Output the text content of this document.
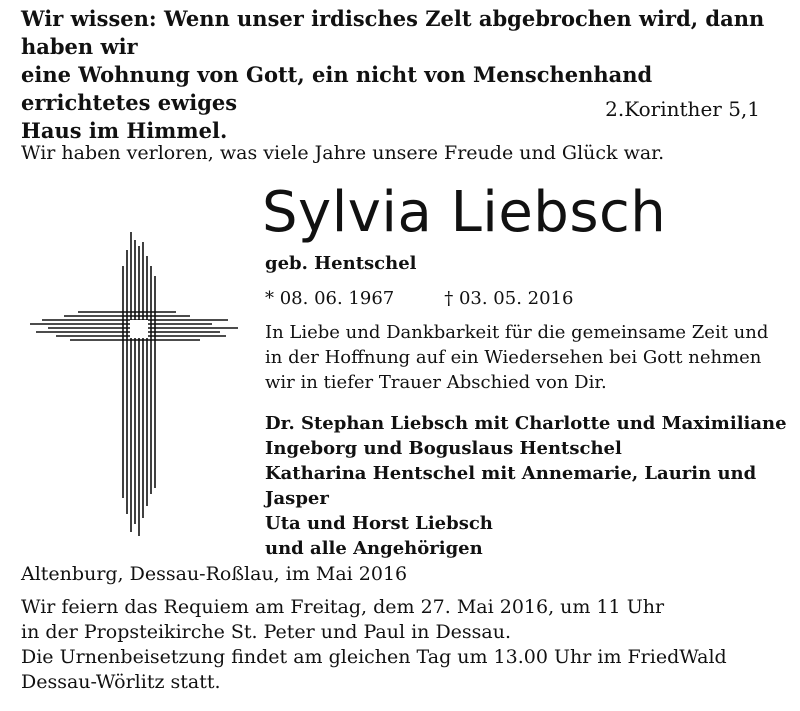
Wir wissen: Wenn unser irdisches Zelt abgebrochen wird, dann haben wir
eine Wohnung von Gott, ein nicht von Menschenhand errichtetes ewiges
Haus im Himmel.
2.Korinther 5,1
Wir haben verloren, was viele Jahre unsere Freude und Glück war.
Sylvia Liebsch
geb. Hentschel
* 08. 06. 1967	† 03. 05. 2016
In Liebe und Dankbarkeit für die gemeinsame Zeit und
in der Hoffnung auf ein Wiedersehen bei Gott nehmen
wir in tiefer Trauer Abschied von Dir.
Dr. Stephan Liebsch mit Charlotte und Maximiliane
Ingeborg und Boguslaus Hentschel
Katharina Hentschel mit Annemarie, Laurin und Jasper
Uta und Horst Liebsch
und alle Angehörigen
Altenburg, Dessau-Roßlau, im Mai 2016
Wir feiern das Requiem am Freitag, dem 27. Mai 2016, um 11 Uhr
in der Propsteikirche St. Peter und Paul in Dessau.
Die Urnenbeisetzung findet am gleichen Tag um 13.00 Uhr im FriedWald
Dessau-Wörlitz statt.
